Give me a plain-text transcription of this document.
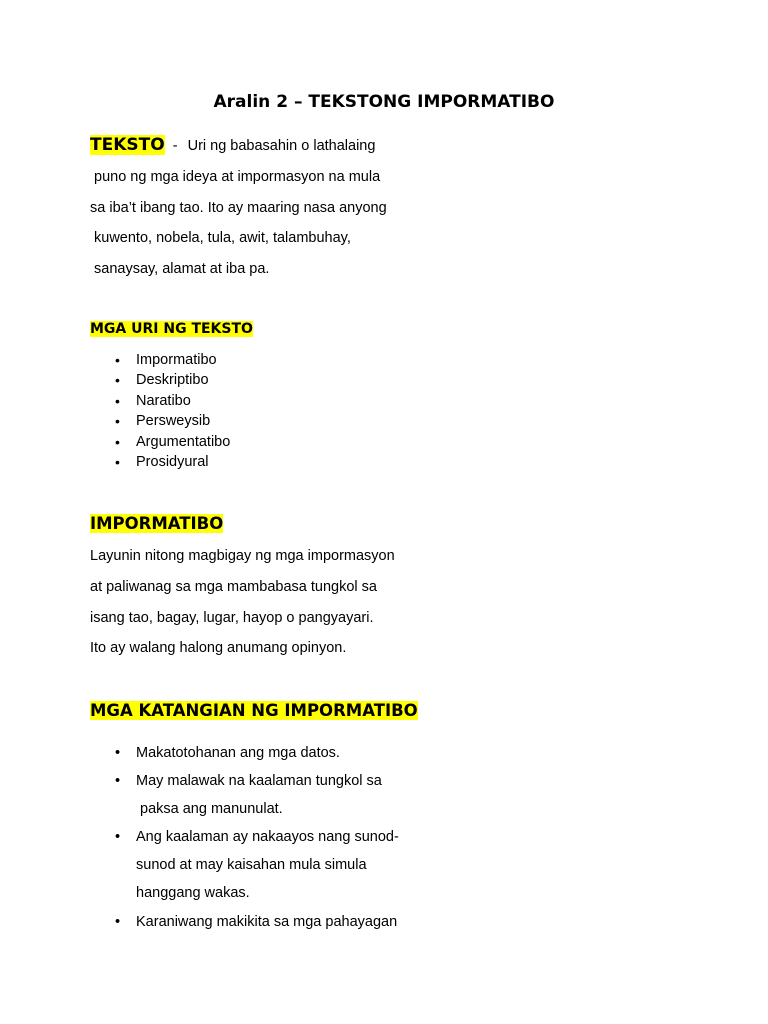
Aralin 2 – TEKSTONG IMPORMATIBO
TEKSTO - Uri ng babasahin o lathalaing
puno ng mga ideya at impormasyon na mula
sa iba’t ibang tao. Ito ay maaring nasa anyong
kuwento, nobela, tula, awit, talambuhay,
sanaysay, alamat at iba pa.
MGA URI NG TEKSTO
• Impormatibo
• Deskriptibo
• Naratibo
• Persweysib
• Argumentatibo
• Prosidyural
IMPORMATIBO
Layunin nitong magbigay ng mga impormasyon
at paliwanag sa mga mambabasa tungkol sa
isang tao, bagay, lugar, hayop o pangyayari.
Ito ay walang halong anumang opinyon.
MGA KATANGIAN NG IMPORMATIBO
• Makatotohanan ang mga datos.
• May malawak na kaalaman tungkol sa
paksa ang manunulat.
• Ang kaalaman ay nakaayos nang sunod-
sunod at may kaisahan mula simula
hanggang wakas.
• Karaniwang makikita sa mga pahayagan
